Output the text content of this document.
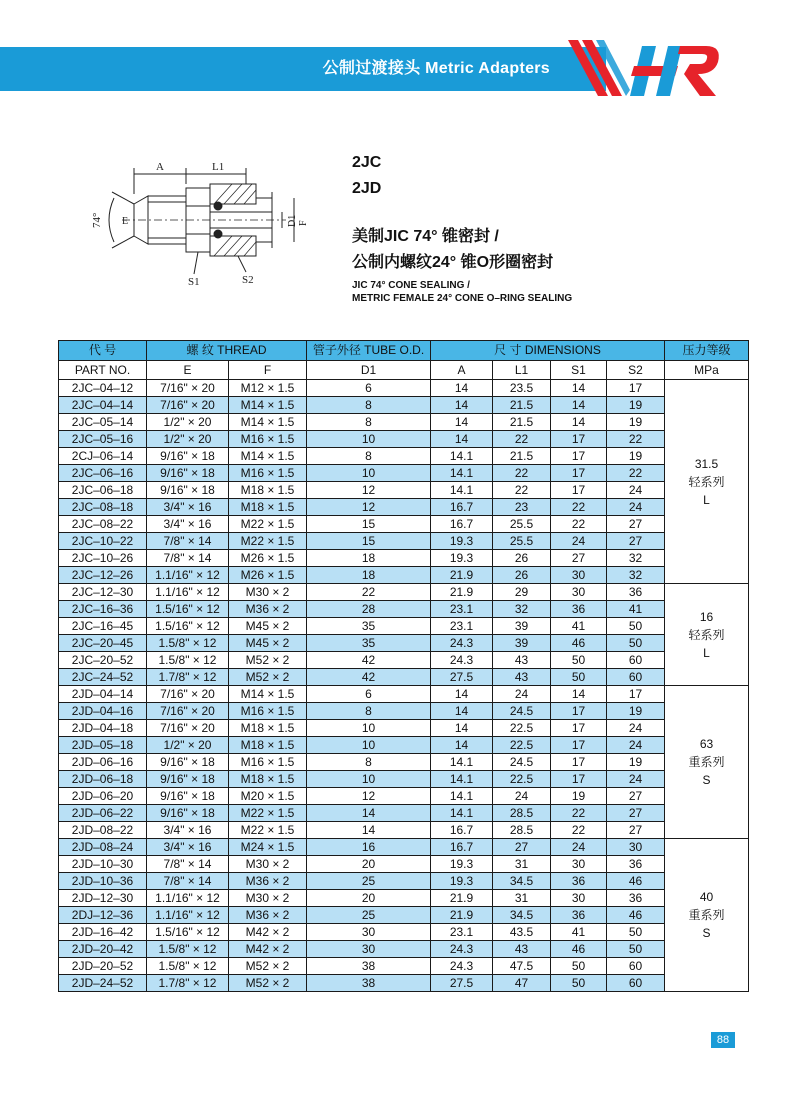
公制过渡接头 Metric Adapters
A	L1
74° E	D1 F
S1	S2
2JC
2JD
美制JIC 74° 锥密封 /
公制内螺纹24° 锥O形圈密封
JIC 74° CONE SEALING /
METRIC FEMALE 24° CONE O–RING SEALING
代 号	螺 纹 THREAD		管子外径 TUBE O.D.	尺 寸 DIMENSIONS				压力等级
PART NO.	E	F	D1	A	L1	S1	S2	MPa
2JC–04–12	7/16" × 20	M12 × 1.5	6	14	23.5	14	17	31.5
轻系列
L

2JC–04–14	7/16" × 20	M14 × 1.5	8	14	21.5	14	19	
2JC–05–14	1/2" × 20	M14 × 1.5	8	14	21.5	14	19	
2JC–05–16	1/2" × 20	M16 × 1.5	10	14	22	17	22	
2CJ–06–14	9/16" × 18	M14 × 1.5	8	14.1	21.5	17	19	
2JC–06–16	9/16" × 18	M16 × 1.5	10	14.1	22	17	22	
2JC–06–18	9/16" × 18	M18 × 1.5	12	14.1	22	17	24	
2JC–08–18	3/4" × 16	M18 × 1.5	12	16.7	23	22	24	
2JC–08–22	3/4" × 16	M22 × 1.5	15	16.7	25.5	22	27	
2JC–10–22	7/8" × 14	M22 × 1.5	15	19.3	25.5	24	27	
2JC–10–26	7/8" × 14	M26 × 1.5	18	19.3	26	27	32	
2JC–12–26	1.1/16" × 12	M26 × 1.5	18	21.9	26	30	32	
2JC–12–30	1.1/16" × 12	M30 × 2	22	21.9	29	30	36	16
轻系列
L

2JC–16–36	1.5/16" × 12	M36 × 2	28	23.1	32	36	41	
2JC–16–45	1.5/16" × 12	M45 × 2	35	23.1	39	41	50	
2JC–20–45	1.5/8" × 12	M45 × 2	35	24.3	39	46	50	
2JC–20–52	1.5/8" × 12	M52 × 2	42	24.3	43	50	60	
2JC–24–52	1.7/8" × 12	M52 × 2	42	27.5	43	50	60	
2JD–04–14	7/16" × 20	M14 × 1.5	6	14	24	14	17	63
重系列
S

2JD–04–16	7/16" × 20	M16 × 1.5	8	14	24.5	17	19	
2JD–04–18	7/16" × 20	M18 × 1.5	10	14	22.5	17	24	
2JD–05–18	1/2" × 20	M18 × 1.5	10	14	22.5	17	24	
2JD–06–16	9/16" × 18	M16 × 1.5	8	14.1	24.5	17	19	
2JD–06–18	9/16" × 18	M18 × 1.5	10	14.1	22.5	17	24	
2JD–06–20	9/16" × 18	M20 × 1.5	12	14.1	24	19	27	
2JD–06–22	9/16" × 18	M22 × 1.5	14	14.1	28.5	22	27	
2JD–08–22	3/4" × 16	M22 × 1.5	14	16.7	28.5	22	27	
2JD–08–24	3/4" × 16	M24 × 1.5	16	16.7	27	24	30	40
重系列
S

2JD–10–30	7/8" × 14	M30 × 2	20	19.3	31	30	36	
2JD–10–36	7/8" × 14	M36 × 2	25	19.3	34.5	36	46	
2JD–12–30	1.1/16" × 12	M30 × 2	20	21.9	31	30	36	
2DJ–12–36	1.1/16" × 12	M36 × 2	25	21.9	34.5	36	46	
2JD–16–42	1.5/16" × 12	M42 × 2	30	23.1	43.5	41	50	
2JD–20–42	1.5/8" × 12	M42 × 2	30	24.3	43	46	50	
2JD–20–52	1.5/8" × 12	M52 × 2	38	24.3	47.5	50	60	
2JD–24–52	1.7/8" × 12	M52 × 2	38	27.5	47	50	60	
88
